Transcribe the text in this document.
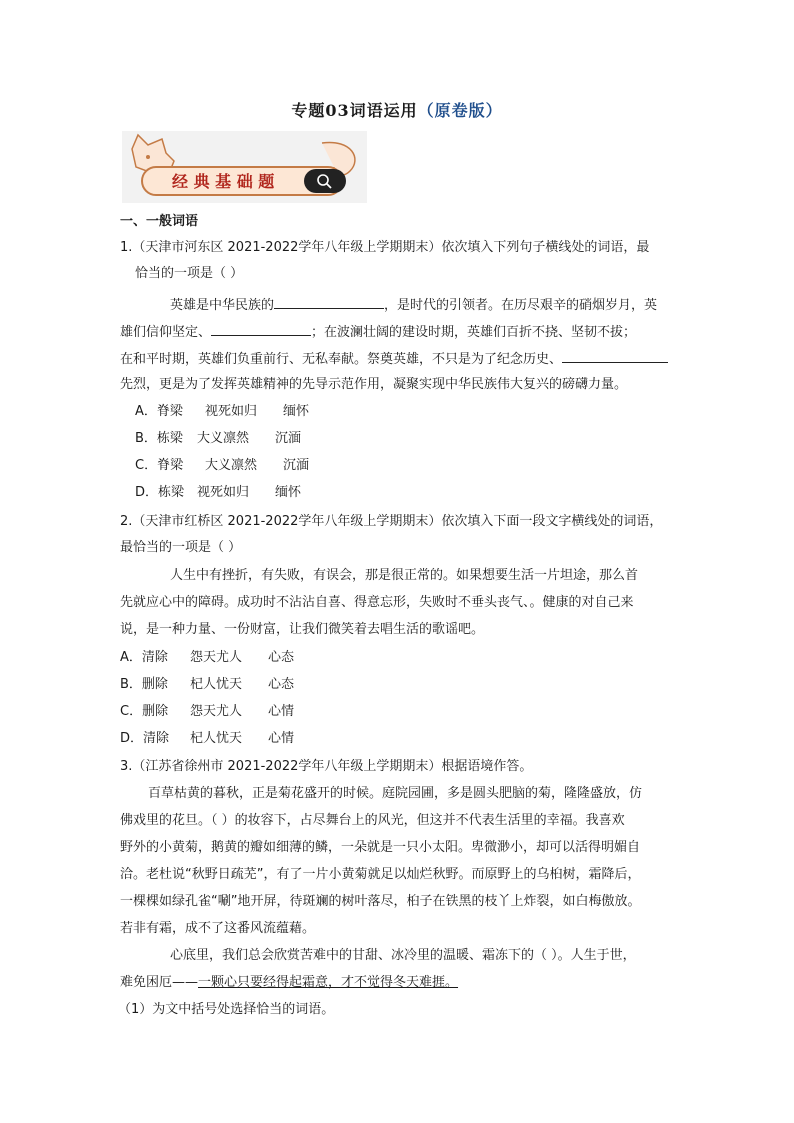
专题03词语运用（原卷版）
经 典 基 础 题
一、一般词语
1.（天津市河东区 2021-2022学年八年级上学期期末）依次填入下列句子横线处的词语，最
恰当的一项是（ ）
英雄是中华民族的	，是时代的引领者。在历尽艰辛的硝烟岁月，英
雄们信仰坚定、	；在波澜壮阔的建设时期，英雄们百折不挠、坚韧不拔；
在和平时期，英雄们负重前行、无私奉献。祭奠英雄，不只是为了纪念历史、
先烈，更是为了发挥英雄精神的先导示范作用，凝聚实现中华民族伟大复兴的磅礴力量。
A．脊梁 视死如归 缅怀
B．栋梁 大义凛然 沉湎
C．脊梁 大义凛然 沉湎
D．栋梁 视死如归 缅怀
2.（天津市红桥区 2021-2022学年八年级上学期期末）依次填入下面一段文字横线处的词语，
最恰当的一项是（ ）
人生中有挫折，有失败，有误会，那是很正常的。如果想要生活一片坦途，那么首
先就应心中的障碍。成功时不沾沾自喜、得意忘形，失败时不垂头丧气、。健康的对自己来
说，是一种力量、一份财富，让我们微笑着去唱生活的歌谣吧。
A．清除 怨天尤人 心态
B．删除 杞人忧天 心态
C．删除 怨天尤人 心情
D．清除 杞人忧天 心情
3.（江苏省徐州市 2021-2022学年八年级上学期期末）根据语境作答。
百草枯黄的暮秋，正是菊花盛开的时候。庭院园圃，多是圆头肥脑的菊，隆隆盛放，仿
佛戏里的花旦。（ ）的妆容下，占尽舞台上的风光，但这并不代表生活里的幸福。我喜欢
野外的小黄菊，鹅黄的瓣如细薄的鳞，一朵就是一只小太阳。卑微渺小，却可以活得明媚自
洽。老杜说“秋野日疏芜”，有了一片小黄菊就足以灿烂秋野。而原野上的乌桕树，霜降后，
一棵棵如绿孔雀“唰”地开屏，待斑斓的树叶落尽，桕子在铁黑的枝丫上炸裂，如白梅傲放。
若非有霜，成不了这番风流蕴藉。
心底里，我们总会欣赏苦难中的甘甜、冰冷里的温暖、霜冻下的（ ）。人生于世，
难免困厄——一颗心只要经得起霜意，才不觉得冬天难捱。
（1）为文中括号处选择恰当的词语。
